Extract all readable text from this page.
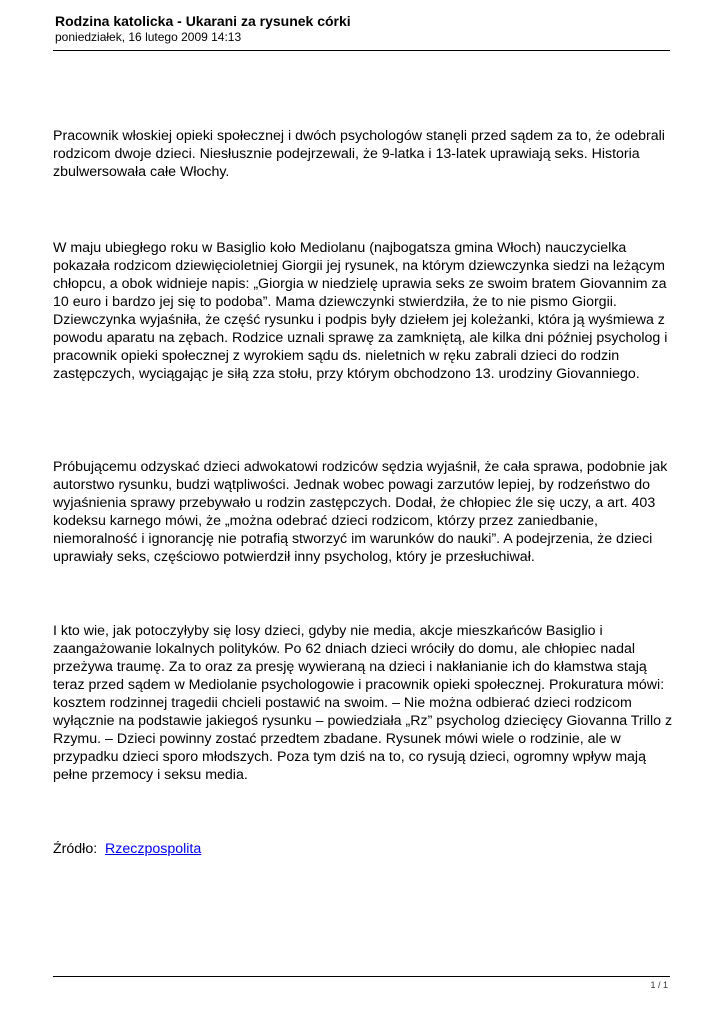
Rodzina katolicka - Ukarani za rysunek córki

poniedziałek, 16 lutego 2009 14:13

Pracownik włoskiej opieki społecznej i dwóch psychologów stanęli przed sądem za to, że odebrali rodzicom dwoje dzieci. Niesłusznie podejrzewali, że 9-latka i 13-latek uprawiają seks. Historia zbulwersowała całe Włochy.

W maju ubiegłego roku w Basiglio koło Mediolanu (najbogatsza gmina Włoch) nauczycielka pokazała rodzicom dziewięcioletniej Giorgii jej rysunek, na którym dziewczynka siedzi na leżącym chłopcu, a obok widnieje napis: „Giorgia w niedzielę uprawia seks ze swoim bratem Giovannim za 10 euro i bardzo jej się to podoba”. Mama dziewczynki stwierdziła, że to nie pismo Giorgii. Dziewczynka wyjaśniła, że część rysunku i podpis były dziełem jej koleżanki, która ją wyśmiewa z powodu aparatu na zębach. Rodzice uznali sprawę za zamkniętą, ale kilka dni później psycholog i pracownik opieki społecznej z wyrokiem sądu ds. nieletnich w ręku zabrali dzieci do rodzin zastępczych, wyciągając je siłą zza stołu, przy którym obchodzono 13. urodziny Giovanniego.

Próbującemu odzyskać dzieci adwokatowi rodziców sędzia wyjaśnił, że cała sprawa, podobnie jak autorstwo rysunku, budzi wątpliwości. Jednak wobec powagi zarzutów lepiej, by rodzeństwo do wyjaśnienia sprawy przebywało u rodzin zastępczych. Dodał, że chłopiec źle się uczy, a art. 403 kodeksu karnego mówi, że „można odebrać dzieci rodzicom, którzy przez zaniedbanie, niemoralność i ignorancję nie potrafią stworzyć im warunków do nauki”. A podejrzenia, że dzieci uprawiały seks, częściowo potwierdził inny psycholog, który je przesłuchiwał.

I kto wie, jak potoczyłyby się losy dzieci, gdyby nie media, akcje mieszkańców Basiglio i zaangażowanie lokalnych polityków. Po 62 dniach dzieci wróciły do domu, ale chłopiec nadal przeżywa traumę. Za to oraz za presję wywieraną na dzieci i nakłanianie ich do kłamstwa stają teraz przed sądem w Mediolanie psychologowie i pracownik opieki społecznej. Prokuratura mówi: kosztem rodzinnej tragedii chcieli postawić na swoim. – Nie można odbierać dzieci rodzicom wyłącznie na podstawie jakiegoś rysunku – powiedziała „Rz” psycholog dziecięcy Giovanna Trillo z Rzymu. – Dzieci powinny zostać przedtem zbadane. Rysunek mówi wiele o rodzinie, ale w przypadku dzieci sporo młodszych. Poza tym dziś na to, co rysują dzieci, ogromny wpływ mają pełne przemocy i seksu media.

Źródło: Rzeczpospolita

1 / 1
